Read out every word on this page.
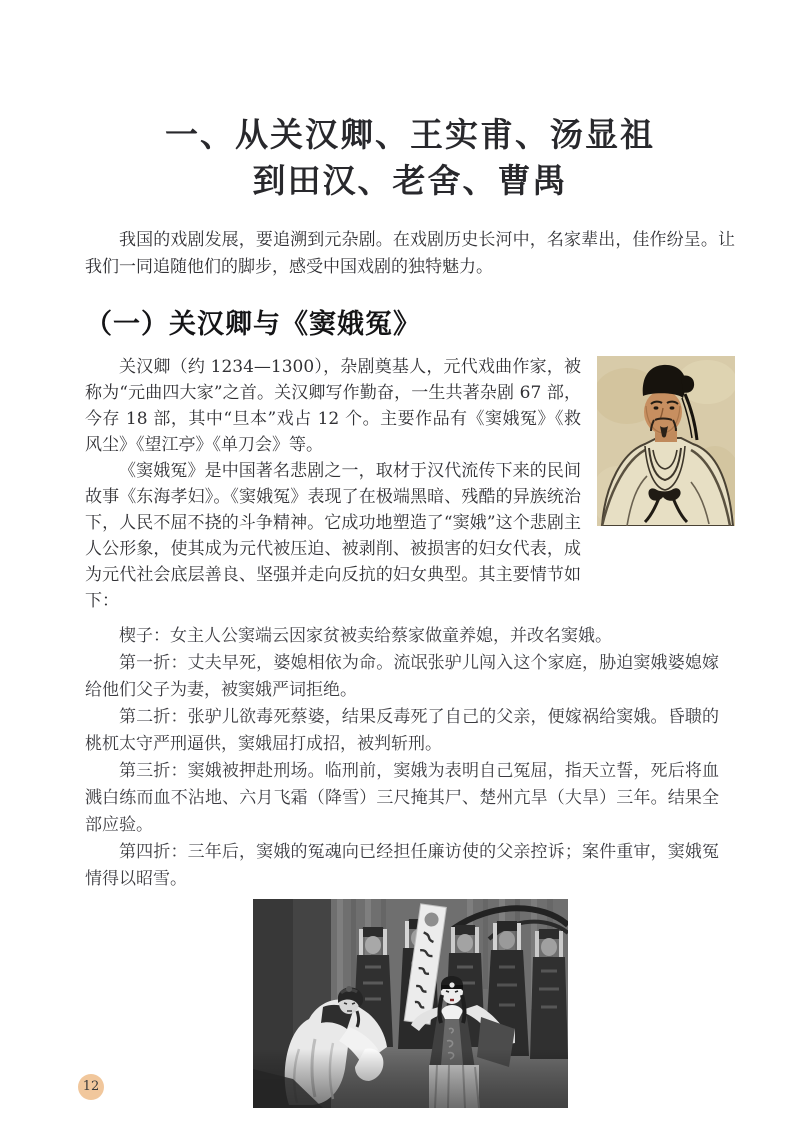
一、从关汉卿、王实甫、汤显祖
到田汉、老舍、曹禺

我国的戏剧发展，要追溯到元杂剧。在戏剧历史长河中，名家辈出，佳作纷呈。让我们一同追随他们的脚步，感受中国戏剧的独特魅力。

（一）关汉卿与《窦娥冤》

关汉卿（约 1234—1300），杂剧奠基人，元代戏曲作家，被称为“元曲四大家”之首。关汉卿写作勤奋，一生共著杂剧 67 部，今存 18 部，其中“旦本”戏占 12 个。主要作品有《窦娥冤》《救风尘》《望江亭》《单刀会》等。

《窦娥冤》是中国著名悲剧之一，取材于汉代流传下来的民间故事《东海孝妇》。《窦娥冤》表现了在极端黑暗、残酷的异族统治下，人民不屈不挠的斗争精神。它成功地塑造了“窦娥”这个悲剧主人公形象，使其成为元代被压迫、被剥削、被损害的妇女代表，成为元代社会底层善良、坚强并走向反抗的妇女典型。其主要情节如下：

楔子：女主人公窦端云因家贫被卖给蔡家做童养媳，并改名窦娥。

第一折：丈夫早死，婆媳相依为命。流氓张驴儿闯入这个家庭，胁迫窦娥婆媳嫁给他们父子为妻，被窦娥严词拒绝。

第二折：张驴儿欲毒死蔡婆，结果反毒死了自己的父亲，便嫁祸给窦娥。昏聩的桃杌太守严刑逼供，窦娥屈打成招，被判斩刑。

第三折：窦娥被押赴刑场。临刑前，窦娥为表明自己冤屈，指天立誓，死后将血溅白练而血不沾地、六月飞霜（降雪）三尺掩其尸、楚州亢旱（大旱）三年。结果全部应验。

第四折：三年后，窦娥的冤魂向已经担任廉访使的父亲控诉；案件重审，窦娥冤情得以昭雪。

12
